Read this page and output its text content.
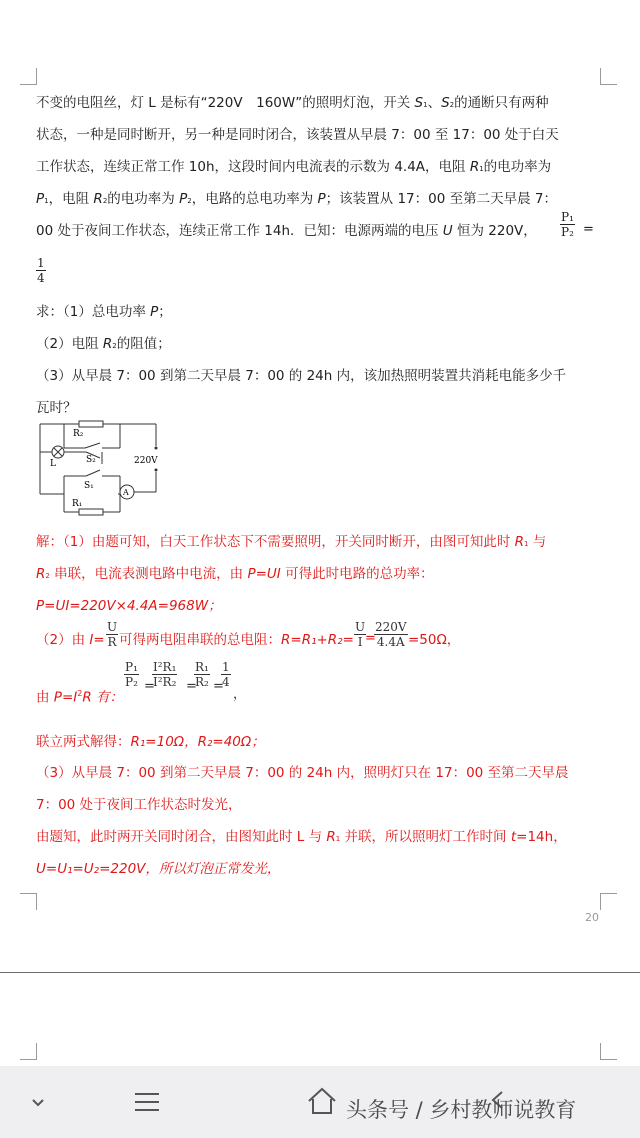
不变的电阻丝，灯 L 是标有“220V　160W”的照明灯泡，开关 S1、S2的通断只有两种
状态，一种是同时断开，另一种是同时闭合，该装置从早晨 7：00 至 17：00 处于白天
工作状态，连续正常工作 10h，这段时间内电流表的示数为 4.4A，电阻 R1的电功率为
P1，电阻 R2的电功率为 P2，电路的总电功率为 P；该装置从 17：00 至第二天早晨 7：
00 处于夜间工作状态，连续正常工作 14h．已知：电源两端的电压 U 恒为 220V， $\frac{\text{P₁}}{\text{P₂}}$ =
$\frac{1}{4}$
求：（1）总电功率 P；
（2）电阻 R2的阻值；
（3）从早晨 7：00 到第二天早晨 7：00 的 24h 内，该加热照明装置共消耗电能多少千
瓦时？
R₂
S₂
L
S₁
A
220V
R₁
解：（1）由题可知，白天工作状态下不需要照明，开关同时断开，由图可知此时 R1 与
R2 串联，电流表测电路中电流，由 P=UI 可得此时电路的总功率：
P=UI=220V×4.4A=968W；
（2）由 $I= \frac{U}{R}$ 可得两电阻串联的总电阻：$R=R_1+R_2= \frac{U}{I}$
=
$\frac{220V}{4.4A} =50\Omega$，
由 $P=I^2R$ 有：
$\frac{\text{P₁}}{\text{P₂}}$ =
$\frac{\text{I²R₁}}{\text{I²R₂}}$ =
$\frac{\text{R₁}}{\text{R₂}}$ =
$\frac{1}{4}$
，
联立两式解得：R₁=10Ω，R₂=40Ω；
（3）从早晨 7：00 到第二天早晨 7：00 的 24h 内，照明灯只在 17：00 至第二天早晨
7：00 处于夜间工作状态时发光，
由题知，此时两开关同时闭合，由图知此时 L 与 R1 并联，所以照明灯工作时间 t=14h，
U=U₁=U₂=220V，所以灯泡正常发光，
20
头条号 / 乡村教师说教育
